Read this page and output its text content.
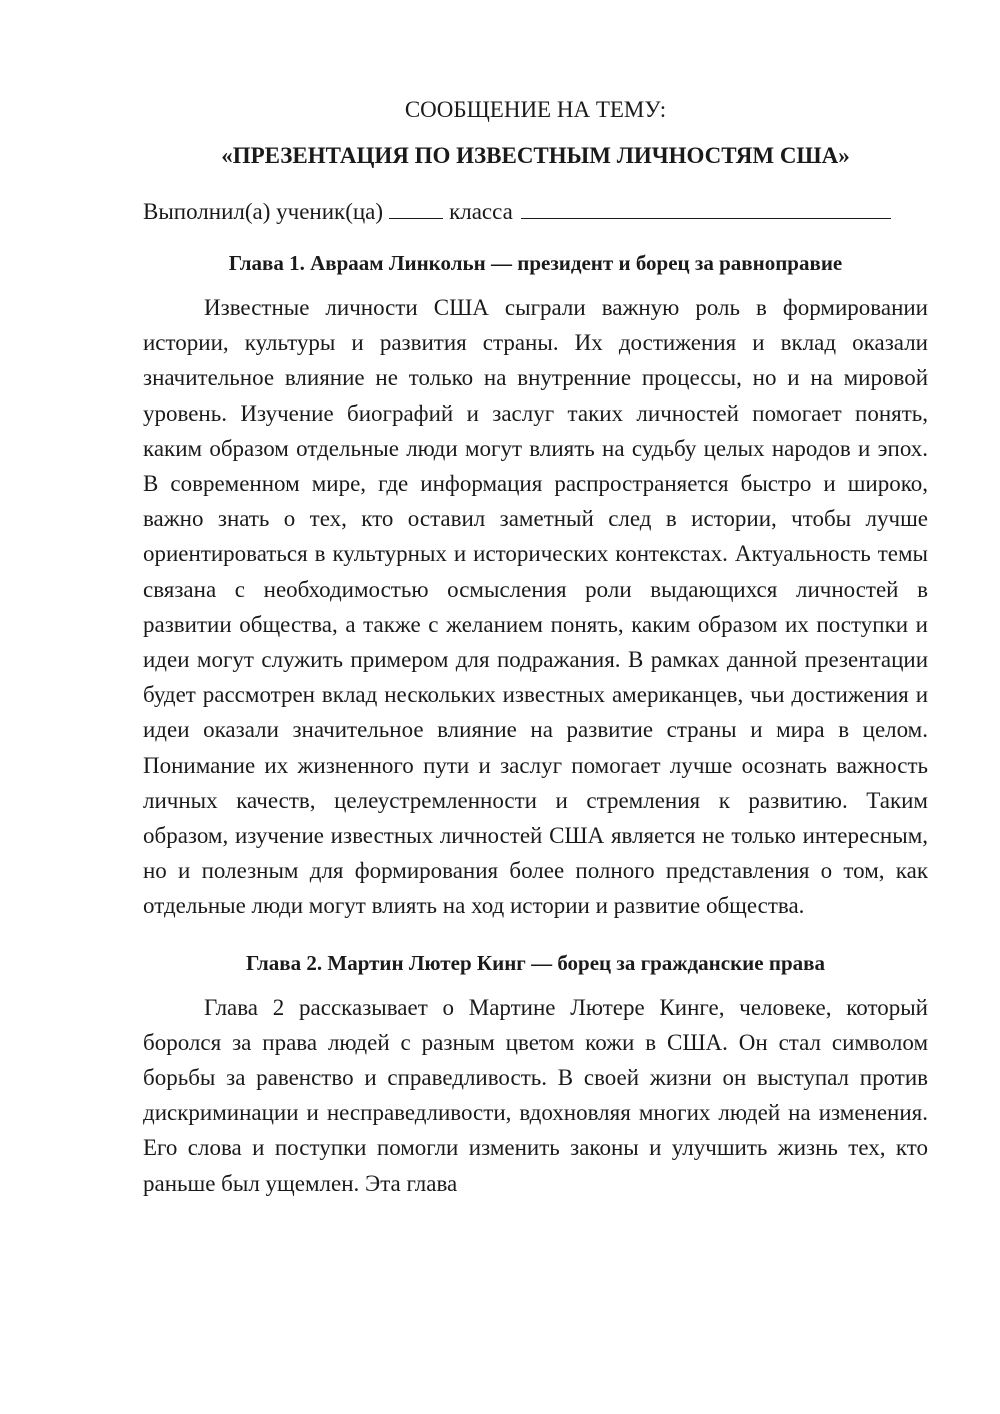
СООБЩЕНИЕ НА ТЕМУ:
«ПРЕЗЕНТАЦИЯ ПО ИЗВЕСТНЫМ ЛИЧНОСТЯМ США»

Выполнил(а) ученик(ца)	класса

Глава 1. Авраам Линкольн — президент и борец за равноправие

Известные личности США сыграли важную роль в формировании истории, культуры и развития страны. Их достижения и вклад оказали значительное влияние не только на внутренние процессы, но и на мировой уровень. Изучение биографий и заслуг таких личностей помогает понять, каким образом отдельные люди могут влиять на судьбу целых народов и эпох. В современном мире, где информация распространяется быстро и широко, важно знать о тех, кто оставил заметный след в истории, чтобы лучше ориентироваться в культурных и исторических контекстах. Актуальность темы связана с необходимостью осмысления роли выдающихся личностей в развитии общества, а также с желанием понять, каким образом их поступки и идеи могут служить примером для подражания. В рамках данной презентации будет рассмотрен вклад нескольких известных американцев, чьи достижения и идеи оказали значительное влияние на развитие страны и мира в целом. Понимание их жизненного пути и заслуг помогает лучше осознать важность личных качеств, целеустремленности и стремления к развитию. Таким образом, изучение известных личностей США является не только интересным, но и полезным для формирования более полного представления о том, как отдельные люди могут влиять на ход истории и развитие общества.

Глава 2. Мартин Лютер Кинг — борец за гражданские права

Глава 2 рассказывает о Мартине Лютере Кинге, человеке, который боролся за права людей с разным цветом кожи в США. Он стал символом борьбы за равенство и справедливость. В своей жизни он выступал против дискриминации и несправедливости, вдохновляя многих людей на изменения. Его слова и поступки помогли изменить законы и улучшить жизнь тех, кто раньше был ущемлен. Эта глава
